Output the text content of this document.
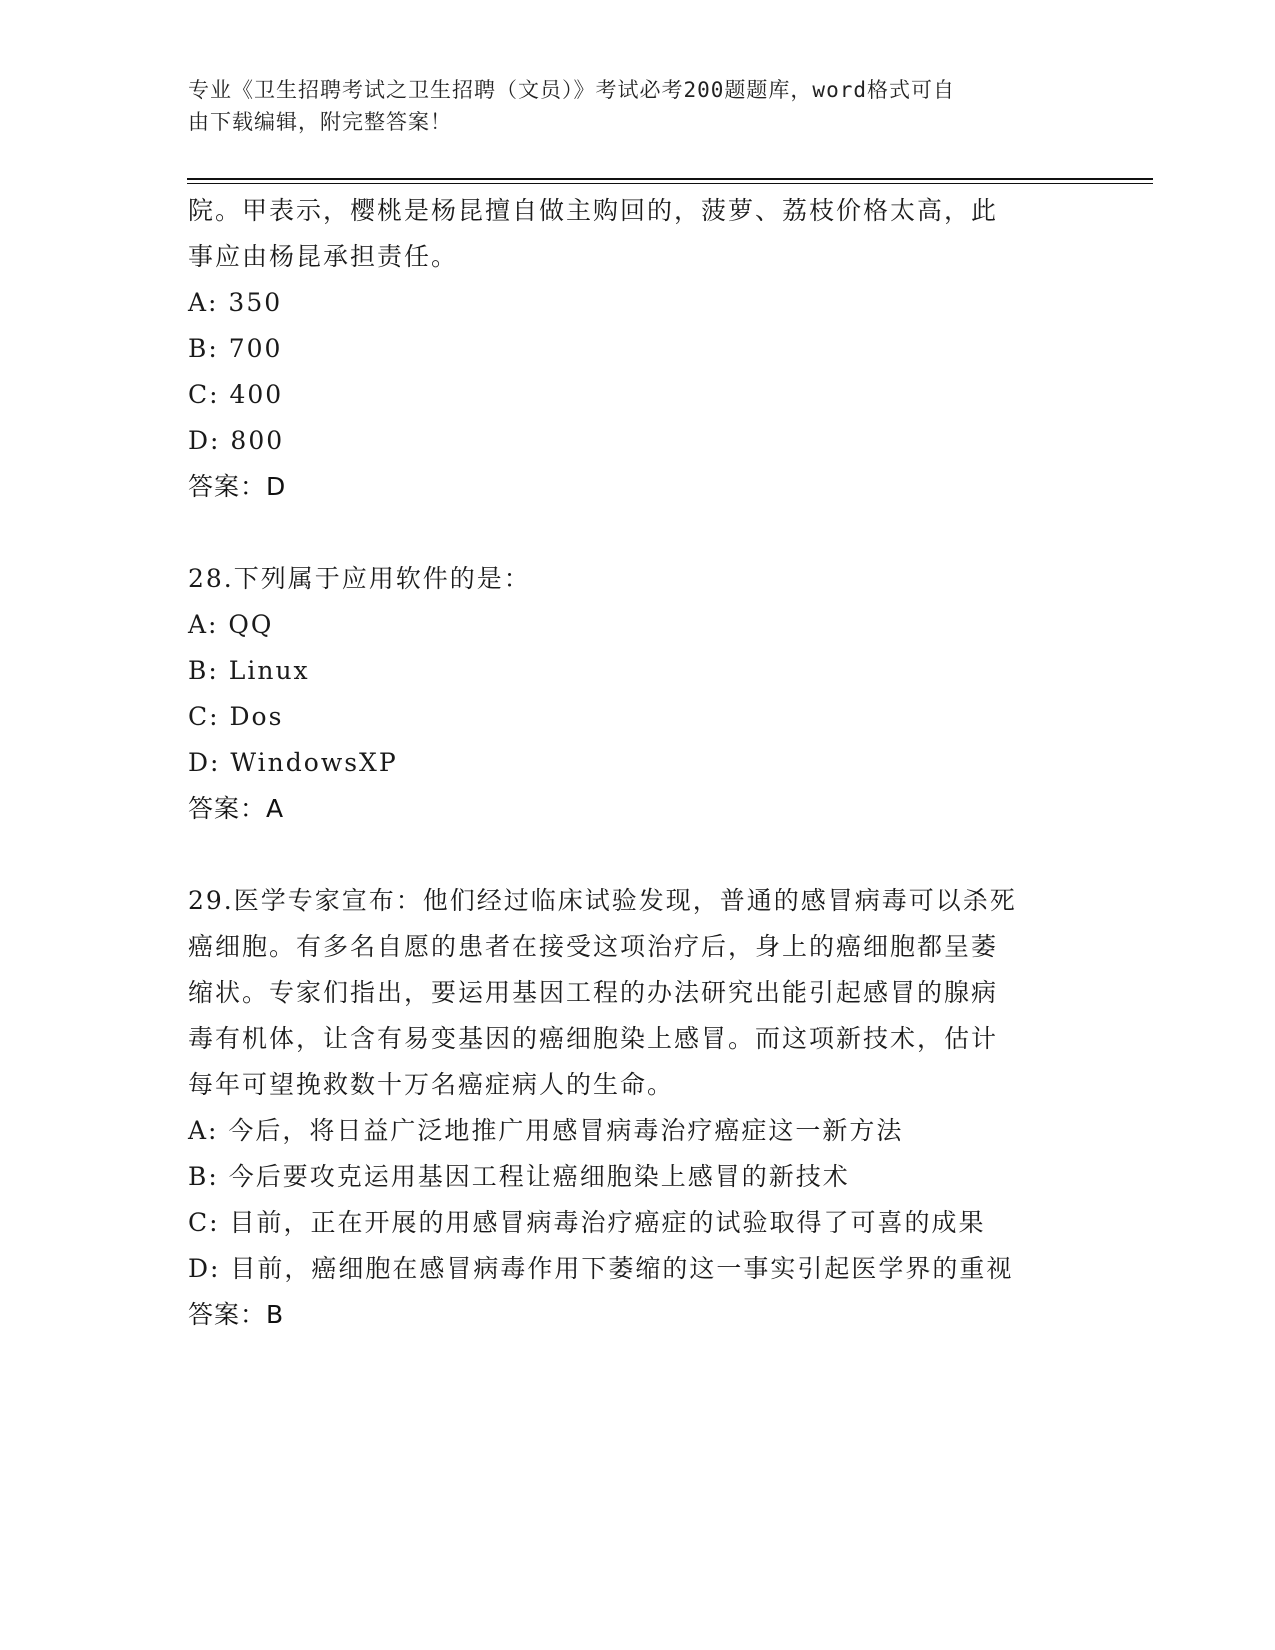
专业《卫生招聘考试之卫生招聘（文员）》考试必考200题题库，word格式可自
由下载编辑，附完整答案！
院。甲表示，樱桃是杨昆擅自做主购回的，菠萝、荔枝价格太高，此
事应由杨昆承担责任。
A: 350
B: 700
C: 400
D: 800
答案：D
28.下列属于应用软件的是：
A: QQ
B: Linux
C: Dos
D: WindowsXP
答案：A
29.医学专家宣布：他们经过临床试验发现，普通的感冒病毒可以杀死
癌细胞。有多名自愿的患者在接受这项治疗后，身上的癌细胞都呈萎
缩状。专家们指出，要运用基因工程的办法研究出能引起感冒的腺病
毒有机体，让含有易变基因的癌细胞染上感冒。而这项新技术，估计
每年可望挽救数十万名癌症病人的生命。
A: 今后，将日益广泛地推广用感冒病毒治疗癌症这一新方法
B: 今后要攻克运用基因工程让癌细胞染上感冒的新技术
C: 目前，正在开展的用感冒病毒治疗癌症的试验取得了可喜的成果
D: 目前，癌细胞在感冒病毒作用下萎缩的这一事实引起医学界的重视
答案：B
